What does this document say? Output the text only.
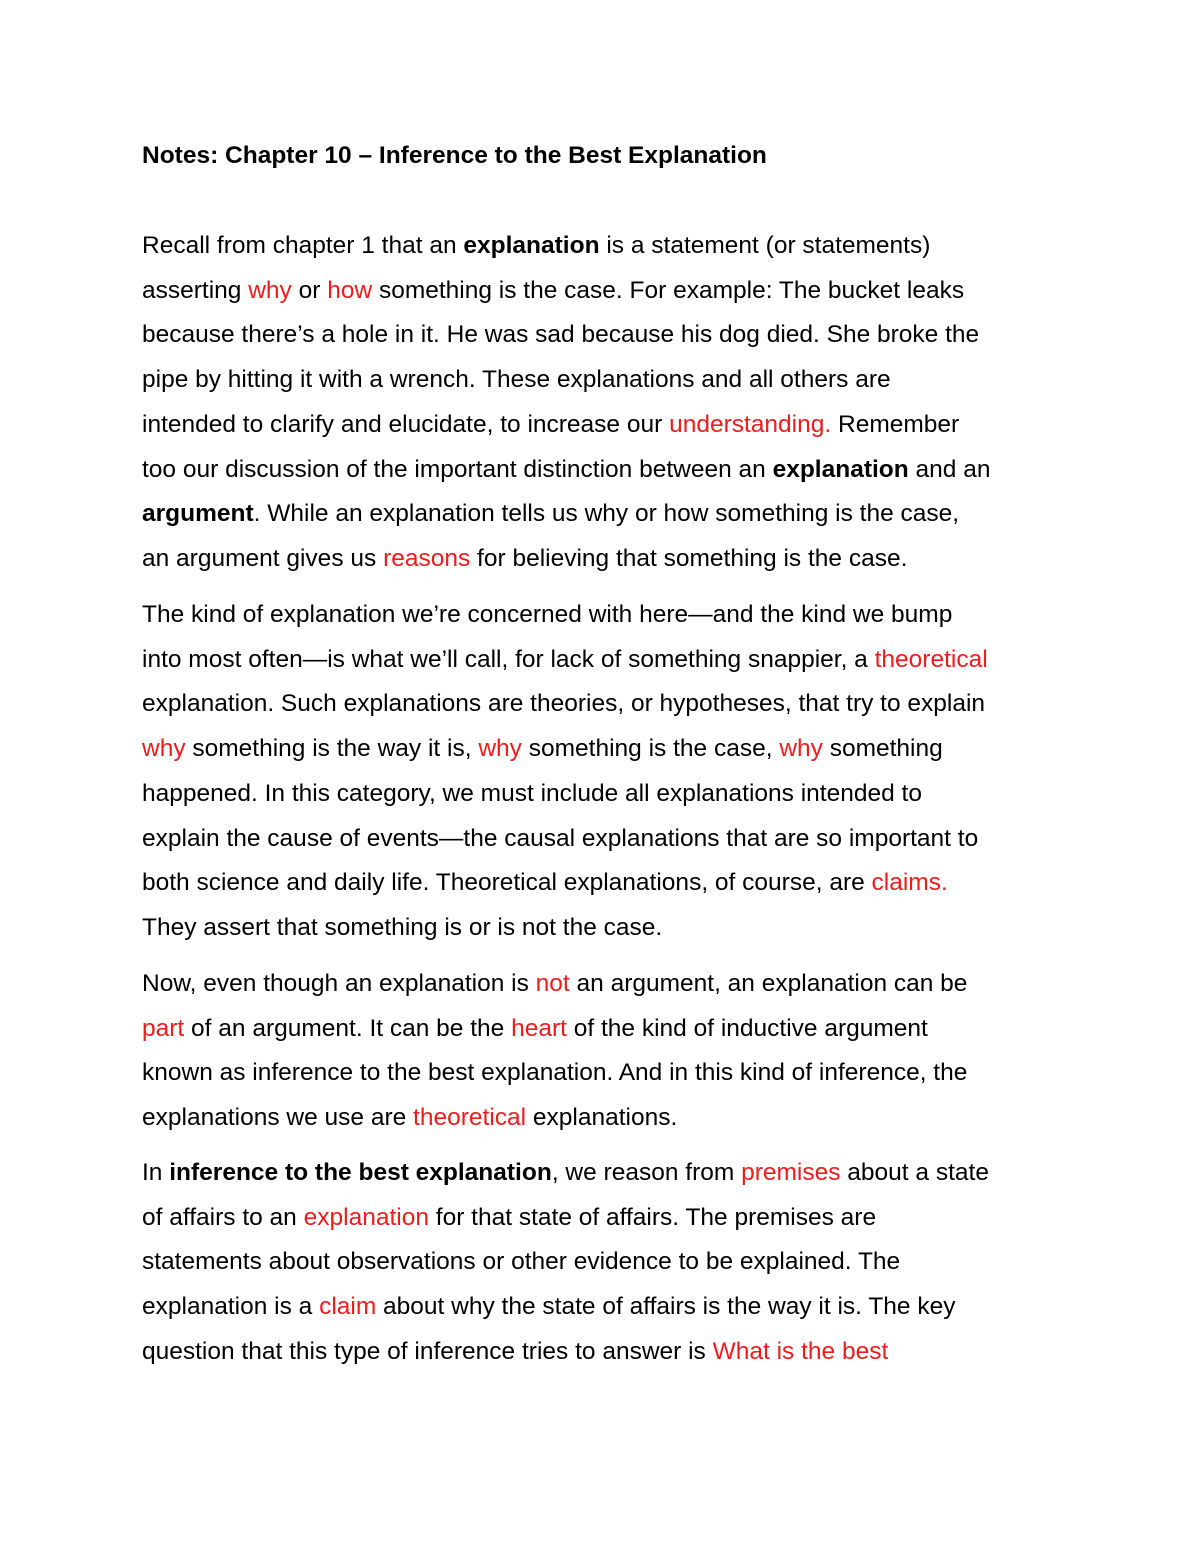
Notes: Chapter 10 – Inference to the Best Explanation
Recall from chapter 1 that an explanation is a statement (or statements)
asserting why or how something is the case. For example: The bucket leaks
because there’s a hole in it. He was sad because his dog died. She broke the
pipe by hitting it with a wrench. These explanations and all others are
intended to clarify and elucidate, to increase our understanding. Remember
too our discussion of the important distinction between an explanation and an
argument. While an explanation tells us why or how something is the case,
an argument gives us reasons for believing that something is the case.
The kind of explanation we’re concerned with here—and the kind we bump
into most often—is what we’ll call, for lack of something snappier, a theoretical
explanation. Such explanations are theories, or hypotheses, that try to explain
why something is the way it is, why something is the case, why something
happened. In this category, we must include all explanations intended to
explain the cause of events—the causal explanations that are so important to
both science and daily life. Theoretical explanations, of course, are claims.
They assert that something is or is not the case.
Now, even though an explanation is not an argument, an explanation can be
part of an argument. It can be the heart of the kind of inductive argument
known as inference to the best explanation. And in this kind of inference, the
explanations we use are theoretical explanations.
In inference to the best explanation, we reason from premises about a state
of affairs to an explanation for that state of affairs. The premises are
statements about observations or other evidence to be explained. The
explanation is a claim about why the state of affairs is the way it is. The key
question that this type of inference tries to answer is What is the best
